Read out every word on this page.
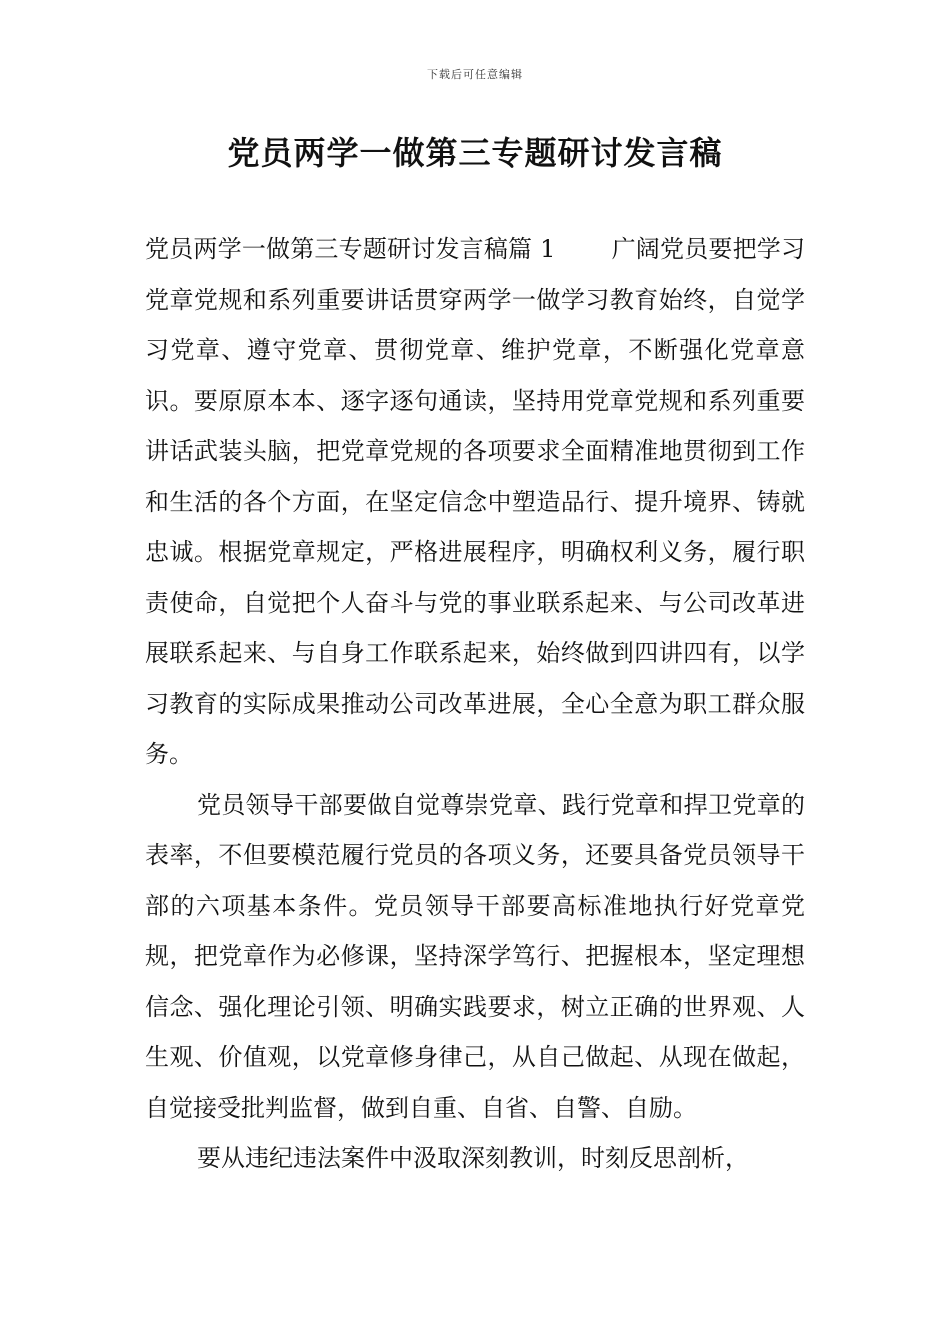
下载后可任意编辑
党员两学一做第三专题研讨发言稿

党员两学一做第三专题研讨发言稿篇 1 广阔党员要把学习党章党规和系列重要讲话贯穿两学一做学习教育始终，自觉学习党章、遵守党章、贯彻党章、维护党章，不断强化党章意识。要原原本本、逐字逐句通读，坚持用党章党规和系列重要讲话武装头脑，把党章党规的各项要求全面精准地贯彻到工作和生活的各个方面，在坚定信念中塑造品行、提升境界、铸就忠诚。根据党章规定，严格进展程序，明确权利义务，履行职责使命，自觉把个人奋斗与党的事业联系起来、与公司改革进展联系起来、与自身工作联系起来，始终做到四讲四有，以学习教育的实际成果推动公司改革进展，全心全意为职工群众服务。

党员领导干部要做自觉尊崇党章、践行党章和捍卫党章的表率，不但要模范履行党员的各项义务，还要具备党员领导干部的六项基本条件。党员领导干部要高标准地执行好党章党规，把党章作为必修课，坚持深学笃行、把握根本，坚定理想信念、强化理论引领、明确实践要求，树立正确的世界观、人生观、价值观，以党章修身律己，从自己做起、从现在做起，自觉接受批判监督，做到自重、自省、自警、自励。

要从违纪违法案件中汲取深刻教训，时刻反思剖析，
